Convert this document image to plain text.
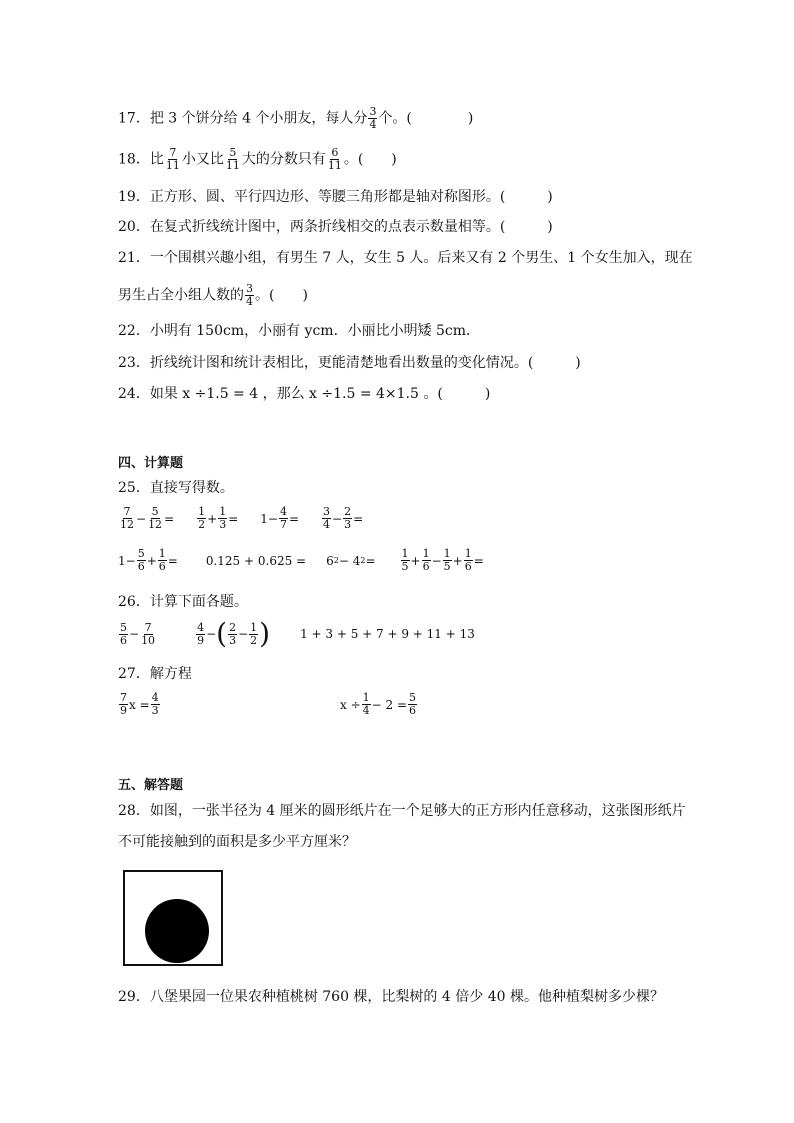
17．把 3 个饼分给 4 个小朋友，每人分 $\frac{3}{4}$ 个。(　　　　)
18．比 $\frac{7}{11}$ 小又比 $\frac{5}{11}$ 大的分数只有 $\frac{6}{11}$ 。(　　)
19．正方形、圆、平行四边形、等腰三角形都是轴对称图形。(　　　)
20．在复式折线统计图中，两条折线相交的点表示数量相等。(　　　)
21．一个围棋兴趣小组，有男生 7 人，女生 5 人。后来又有 2 个男生、1 个女生加入，现在
男生占全小组人数的 $\frac{3}{4}$ 。(　　)
22．小明有 150cm，小丽有 ycm．小丽比小明矮 5cm．
23．折线统计图和统计表相比，更能清楚地看出数量的变化情况。(　　　)
24．如果 x ÷1.5 = 4 ，那么 x ÷1.5 = 4×1.5 。(　　　)
四、计算题
25．直接写得数。
$\frac{7}{12} - \frac{5}{12} = \frac{1}{2} + \frac{1}{3} = 1- \frac{4}{7} = \frac{3}{4} - \frac{2}{3}$ =
$1- \frac{5}{6} + \frac{1}{6} = 0.125 + 0.625 = 6$ 2 − 4 $2 = \frac{1}{5} + \frac{1}{6} - \frac{1}{5} + \frac{1}{6}$ =
26．计算下面各题。
$\frac{5}{6} - \frac{7}{10}$	$\frac{4}{9}$ − ( $\frac{2}{3} - \frac{1}{2}$ )	1 + 3 + 5 + 7 + 9 + 11 + 13
27．解方程
$\frac{7}{9}$ $x = \frac{4}{3}$	$x \div \frac{1}{4} - 2 = \frac{5}{6}$
五、解答题
28．如图，一张半径为 4 厘米的圆形纸片在一个足够大的正方形内任意移动，这张图形纸片
不可能接触到的面积是多少平方厘米？
29．八堡果园一位果农种植桃树 760 棵，比梨树的 4 倍少 40 棵。他种植梨树多少棵？
